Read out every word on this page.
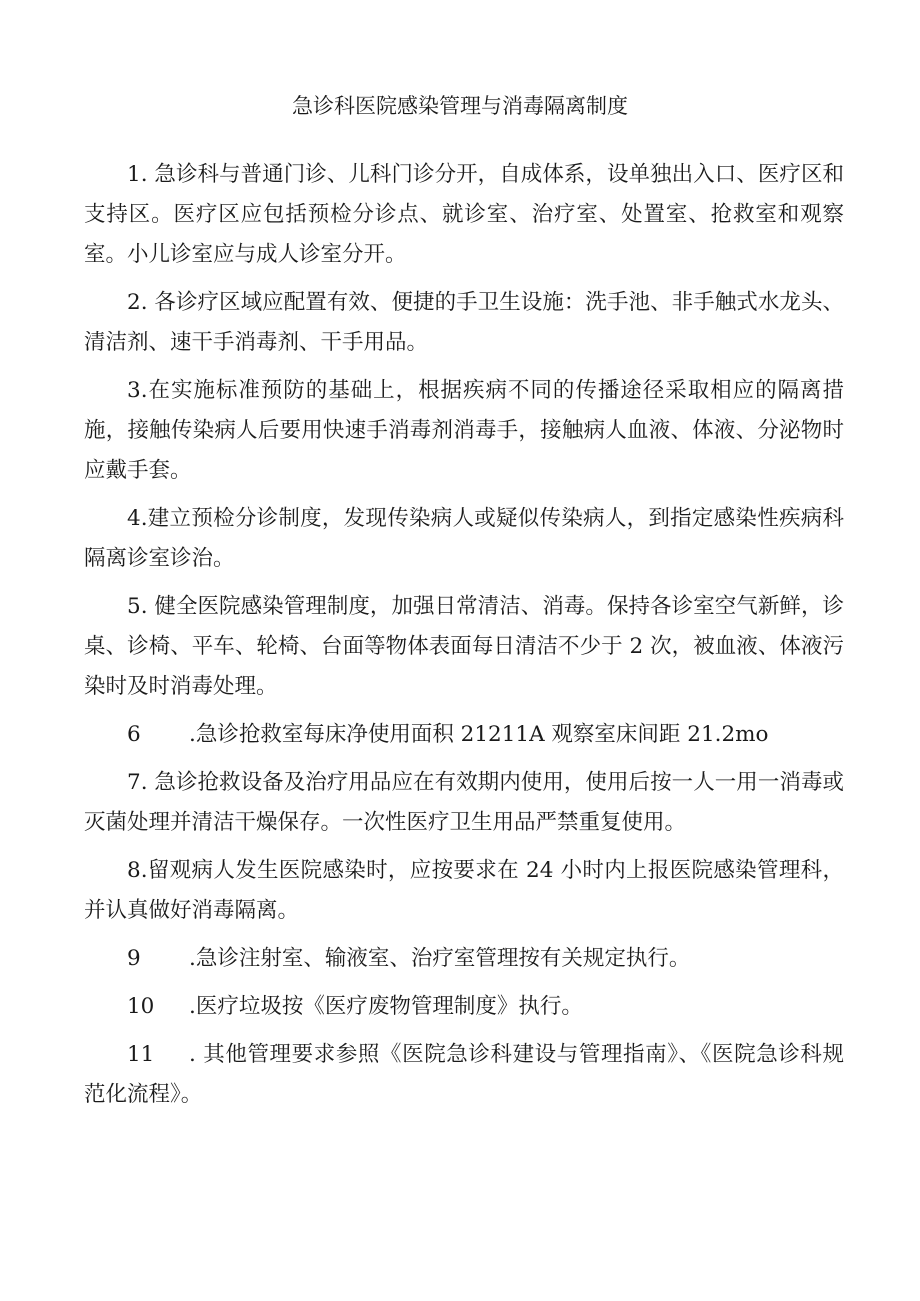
急诊科医院感染管理与消毒隔离制度

1. 急诊科与普通门诊、儿科门诊分开，自成体系，设单独出入口、医疗区和支持区。医疗区应包括预检分诊点、就诊室、治疗室、处置室、抢救室和观察室。小儿诊室应与成人诊室分开。

2. 各诊疗区域应配置有效、便捷的手卫生设施：洗手池、非手触式水龙头、清洁剂、速干手消毒剂、干手用品。

3.在实施标准预防的基础上，根据疾病不同的传播途径采取相应的隔离措施，接触传染病人后要用快速手消毒剂消毒手，接触病人血液、体液、分泌物时应戴手套。

4.建立预检分诊制度，发现传染病人或疑似传染病人，到指定感染性疾病科隔离诊室诊治。

5. 健全医院感染管理制度，加强日常清洁、消毒。保持各诊室空气新鲜，诊桌、诊椅、平车、轮椅、台面等物体表面每日清洁不少于 2 次，被血液、体液污染时及时消毒处理。

6 .急诊抢救室每床净使用面积 21211A 观察室床间距 21.2mo

7. 急诊抢救设备及治疗用品应在有效期内使用，使用后按一人一用一消毒或灭菌处理并清洁干燥保存。一次性医疗卫生用品严禁重复使用。

8.留观病人发生医院感染时，应按要求在 24 小时内上报医院感染管理科，并认真做好消毒隔离。

9 .急诊注射室、输液室、治疗室管理按有关规定执行。

10 .医疗垃圾按《医疗废物管理制度》执行。

11 . 其他管理要求参照《医院急诊科建设与管理指南》、《医院急诊科规范化流程》。
